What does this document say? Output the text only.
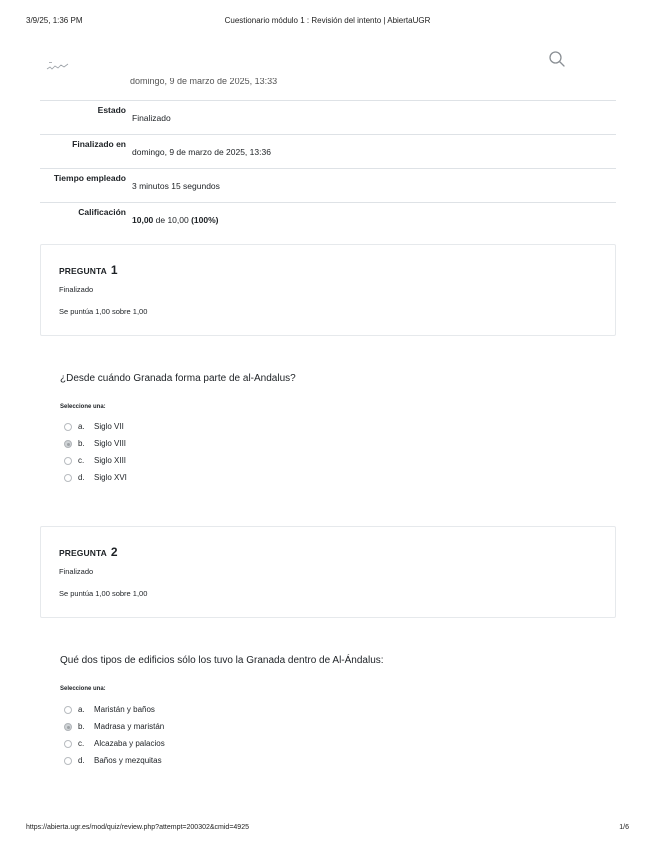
3/9/25, 1:36 PM	Cuestionario módulo 1 : Revisión del intento | AbiertaUGR
domingo, 9 de marzo de 2025, 13:33
Estado
Finalizado
Finalizado en
domingo, 9 de marzo de 2025, 13:36
Tiempo empleado
3 minutos 15 segundos
Calificación
10,00 de 10,00 (100%)
PREGUNTA 1
Finalizado
Se puntúa 1,00 sobre 1,00
¿Desde cuándo Granada forma parte de al-Andalus?
Seleccione una:
a. Siglo VII
b. Siglo VIII
c. Siglo XIII
d. Siglo XVI
PREGUNTA 2
Finalizado
Se puntúa 1,00 sobre 1,00
Qué dos tipos de edificios sólo los tuvo la Granada dentro de Al-Ándalus:
Seleccione una:
a. Maristán y baños
b. Madrasa y maristán
c. Alcazaba y palacios
d. Baños y mezquitas
https://abierta.ugr.es/mod/quiz/review.php?attempt=200302&cmid=4925	1/6
